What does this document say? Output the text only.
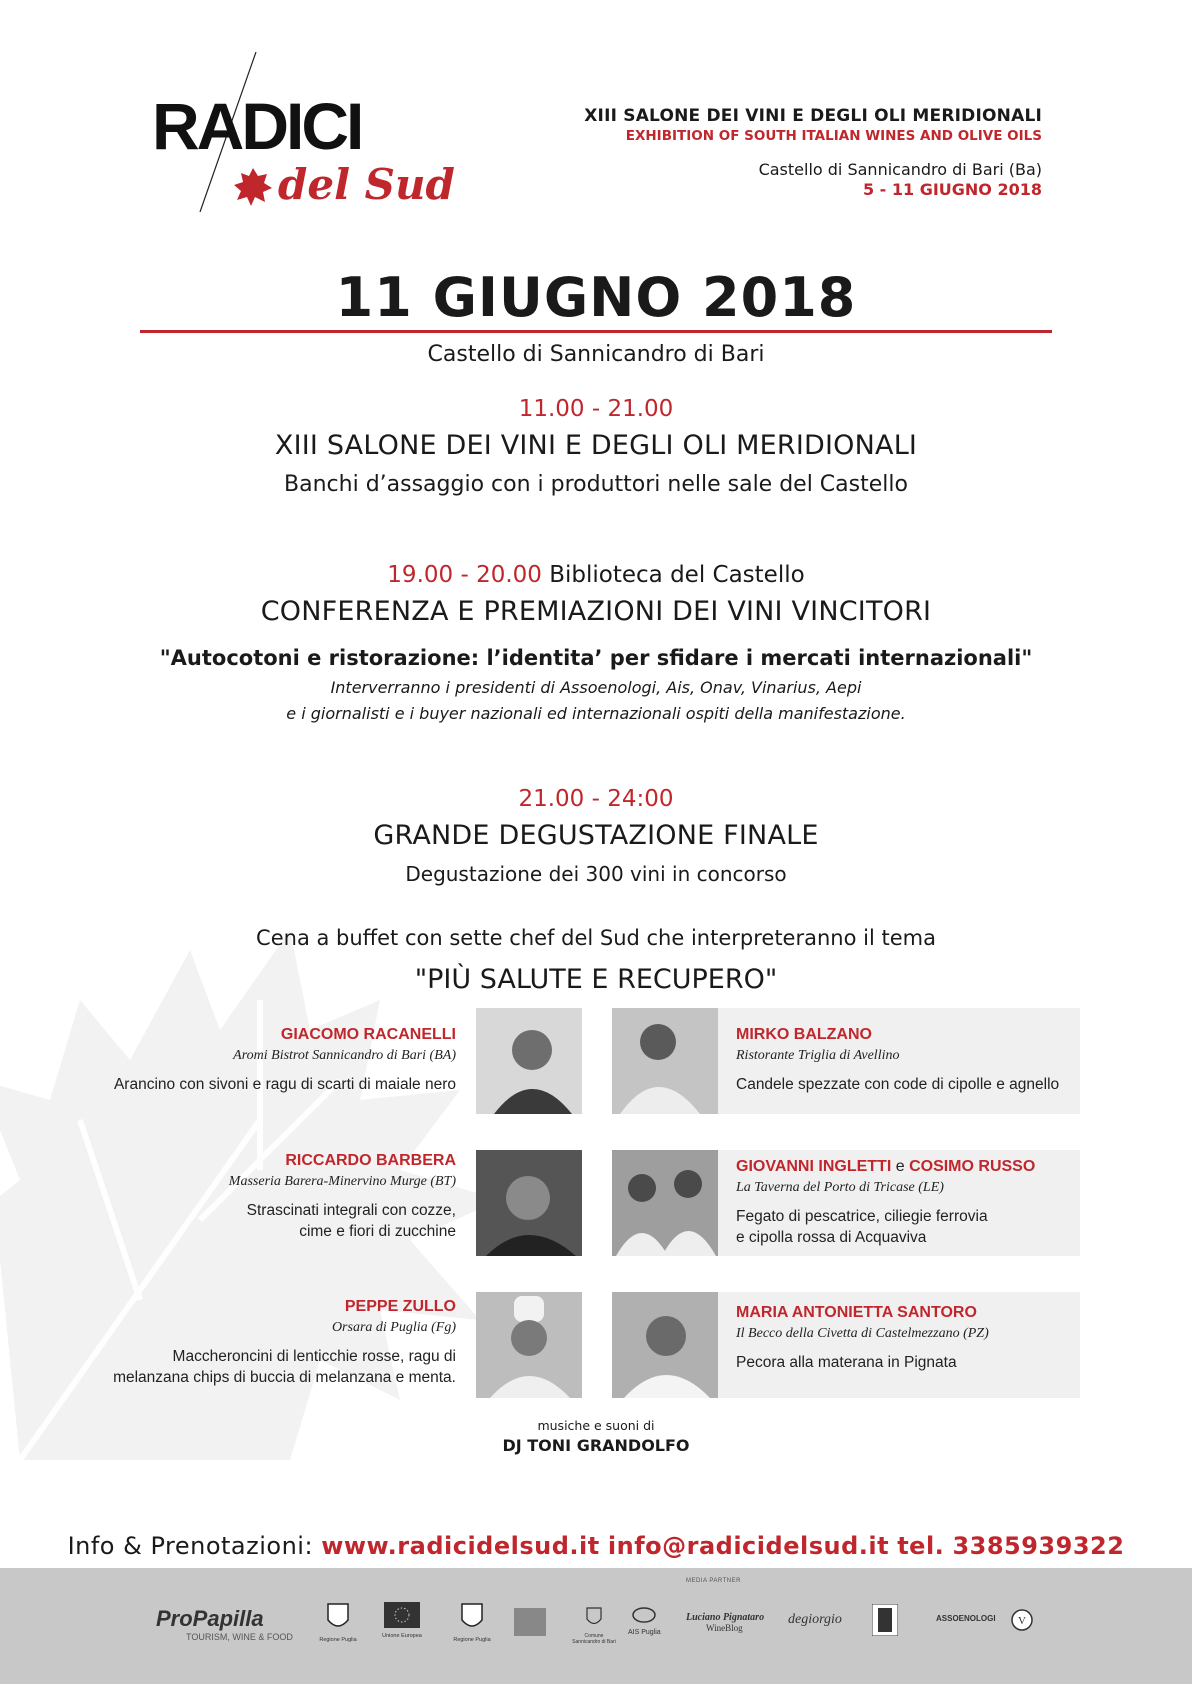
RADICI
del Sud
XIII SALONE DEI VINI E DEGLI OLI MERIDIONALI
EXHIBITION OF SOUTH ITALIAN WINES AND OLIVE OILS
Castello di Sannicandro di Bari (Ba)
5 - 11 GIUGNO 2018
11 GIUGNO 2018
Castello di Sannicandro di Bari
11.00 - 21.00
XIII SALONE DEI VINI E DEGLI OLI MERIDIONALI
Banchi d’assaggio con i produttori nelle sale del Castello
19.00 - 20.00 Biblioteca del Castello
CONFERENZA E PREMIAZIONI DEI VINI VINCITORI
"Autocotoni e ristorazione: l’identita’ per sfidare i mercati internazionali"
Interverranno i presidenti di Assoenologi, Ais, Onav, Vinarius, Aepi
e i giornalisti e i buyer nazionali ed internazionali ospiti della manifestazione.
21.00 - 24:00
GRANDE DEGUSTAZIONE FINALE
Degustazione dei 300 vini in concorso
Cena a buffet con sette chef del Sud che interpreteranno il tema
"PIÙ SALUTE E RECUPERO"
GIACOMO RACANELLI
Aromi Bistrot Sannicandro di Bari (BA)
Arancino con sivoni e ragu di scarti di maiale nero
RICCARDO BARBERA
Masseria Barera-Minervino Murge (BT)
Strascinati integrali con cozze,
cime e fiori di zucchine
PEPPE ZULLO
Orsara di Puglia (Fg)
Maccheroncini di lenticchie rosse, ragu di
melanzana chips di buccia di melanzana e menta.
MIRKO BALZANO
Ristorante Triglia di Avellino
Candele spezzate con code di cipolle e agnello
GIOVANNI INGLETTI e COSIMO RUSSO
La Taverna del Porto di Tricase (LE)
Fegato di pescatrice, ciliegie ferrovia
e cipolla rossa di Acquaviva
MARIA ANTONIETTA SANTORO
Il Becco della Civetta di Castelmezzano (PZ)
Pecora alla materana in Pignata
musiche e suoni di
DJ TONI GRANDOLFO
Info & Prenotazioni: www.radicidelsud.it info@radicidelsud.it tel. 3385939322
ProPapilla
TOURISM, WINE & FOOD	Regione Puglia
Unione Europea
Regione Puglia
Comune Sannicandro di Bari
AIS Puglia
MEDIA PARTNER
Luciano Pignataro
WineBlog
degiorgio	ASSOENOLOGI V
